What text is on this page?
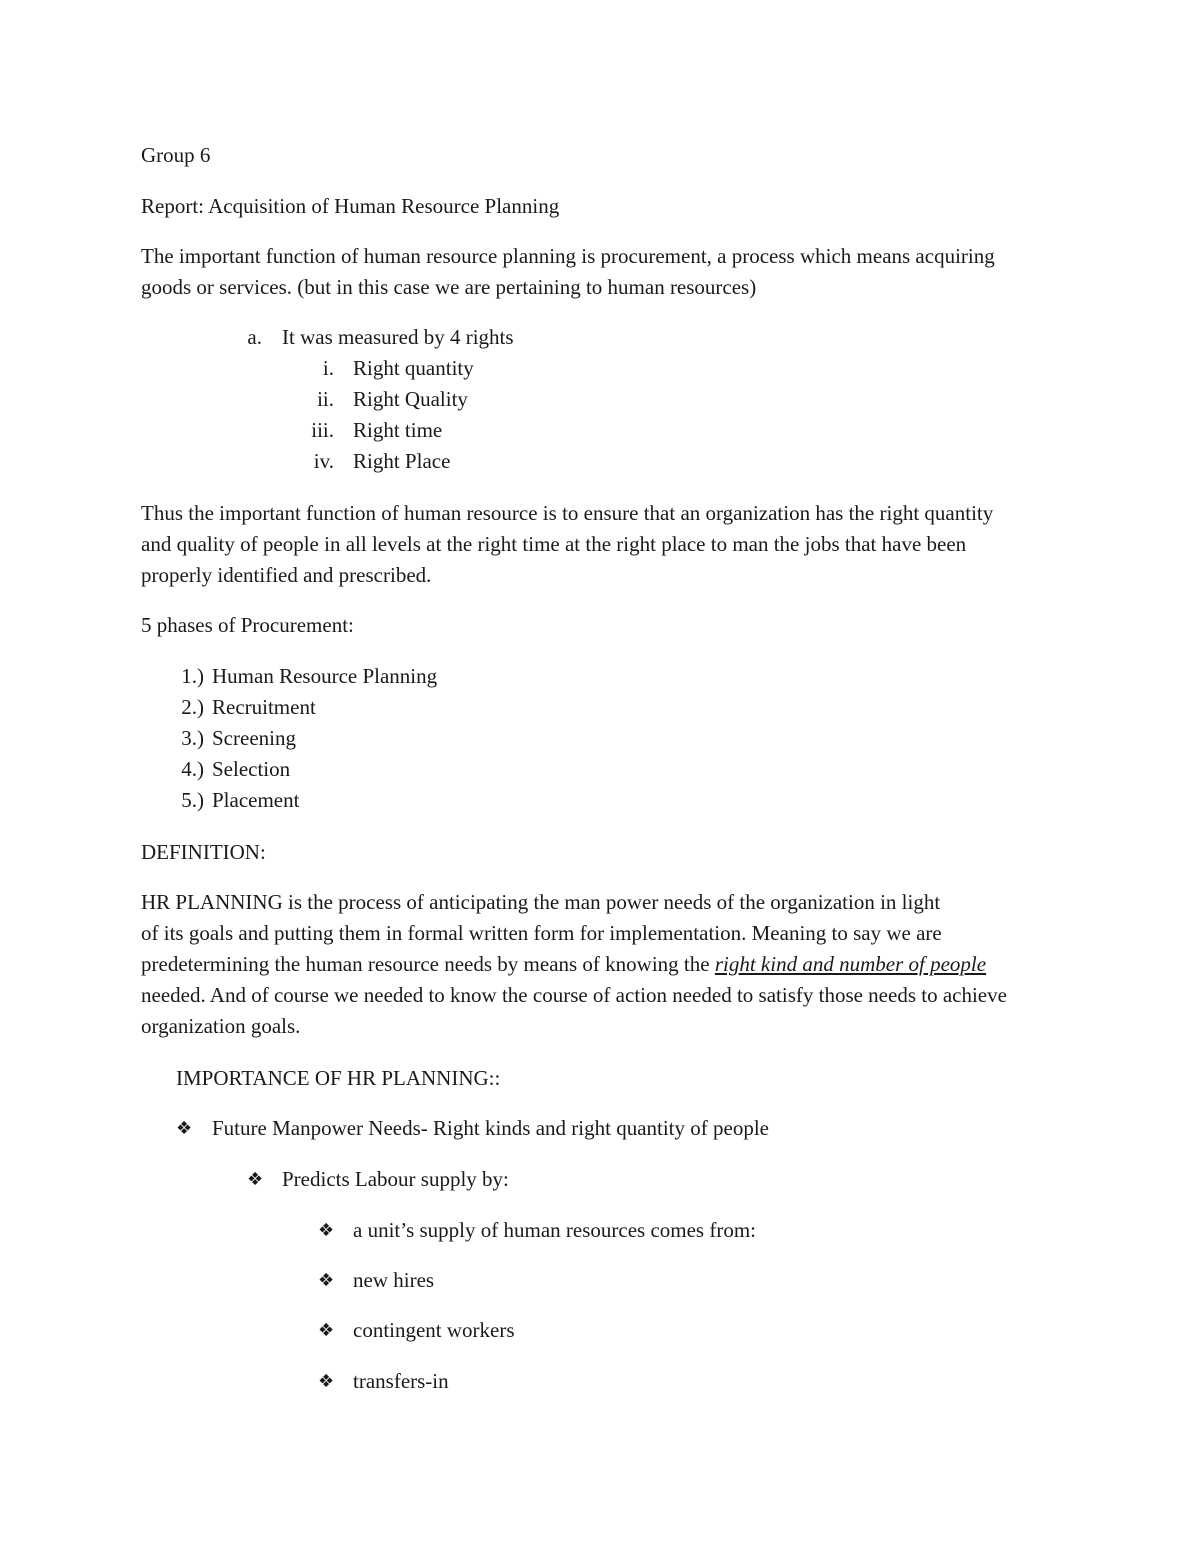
Group 6
Report: Acquisition of Human Resource Planning
The important function of human resource planning is procurement, a process which means acquiring
goods or services. (but in this case we are pertaining to human resources)
a. It was measured by 4 rights
i. Right quantity
ii. Right Quality
iii. Right time
iv. Right Place
Thus the important function of human resource is to ensure that an organization has the right quantity
and quality of people in all levels at the right time at the right place to man the jobs that have been
properly identified and prescribed.
5 phases of Procurement:
1.) Human Resource Planning
2.) Recruitment
3.) Screening
4.) Selection
5.) Placement
DEFINITION:
HR PLANNING is the process of anticipating the man power needs of the organization in light
of its goals and putting them in formal written form for implementation. Meaning to say we are
predetermining the human resource needs by means of knowing the right kind and number of people
needed. And of course we needed to know the course of action needed to satisfy those needs to achieve
organization goals.
IMPORTANCE OF HR PLANNING::
❖ Future Manpower Needs- Right kinds and right quantity of people
❖ Predicts Labour supply by:
❖ a unit’s supply of human resources comes from:
❖ new hires
❖ contingent workers
❖ transfers-in
